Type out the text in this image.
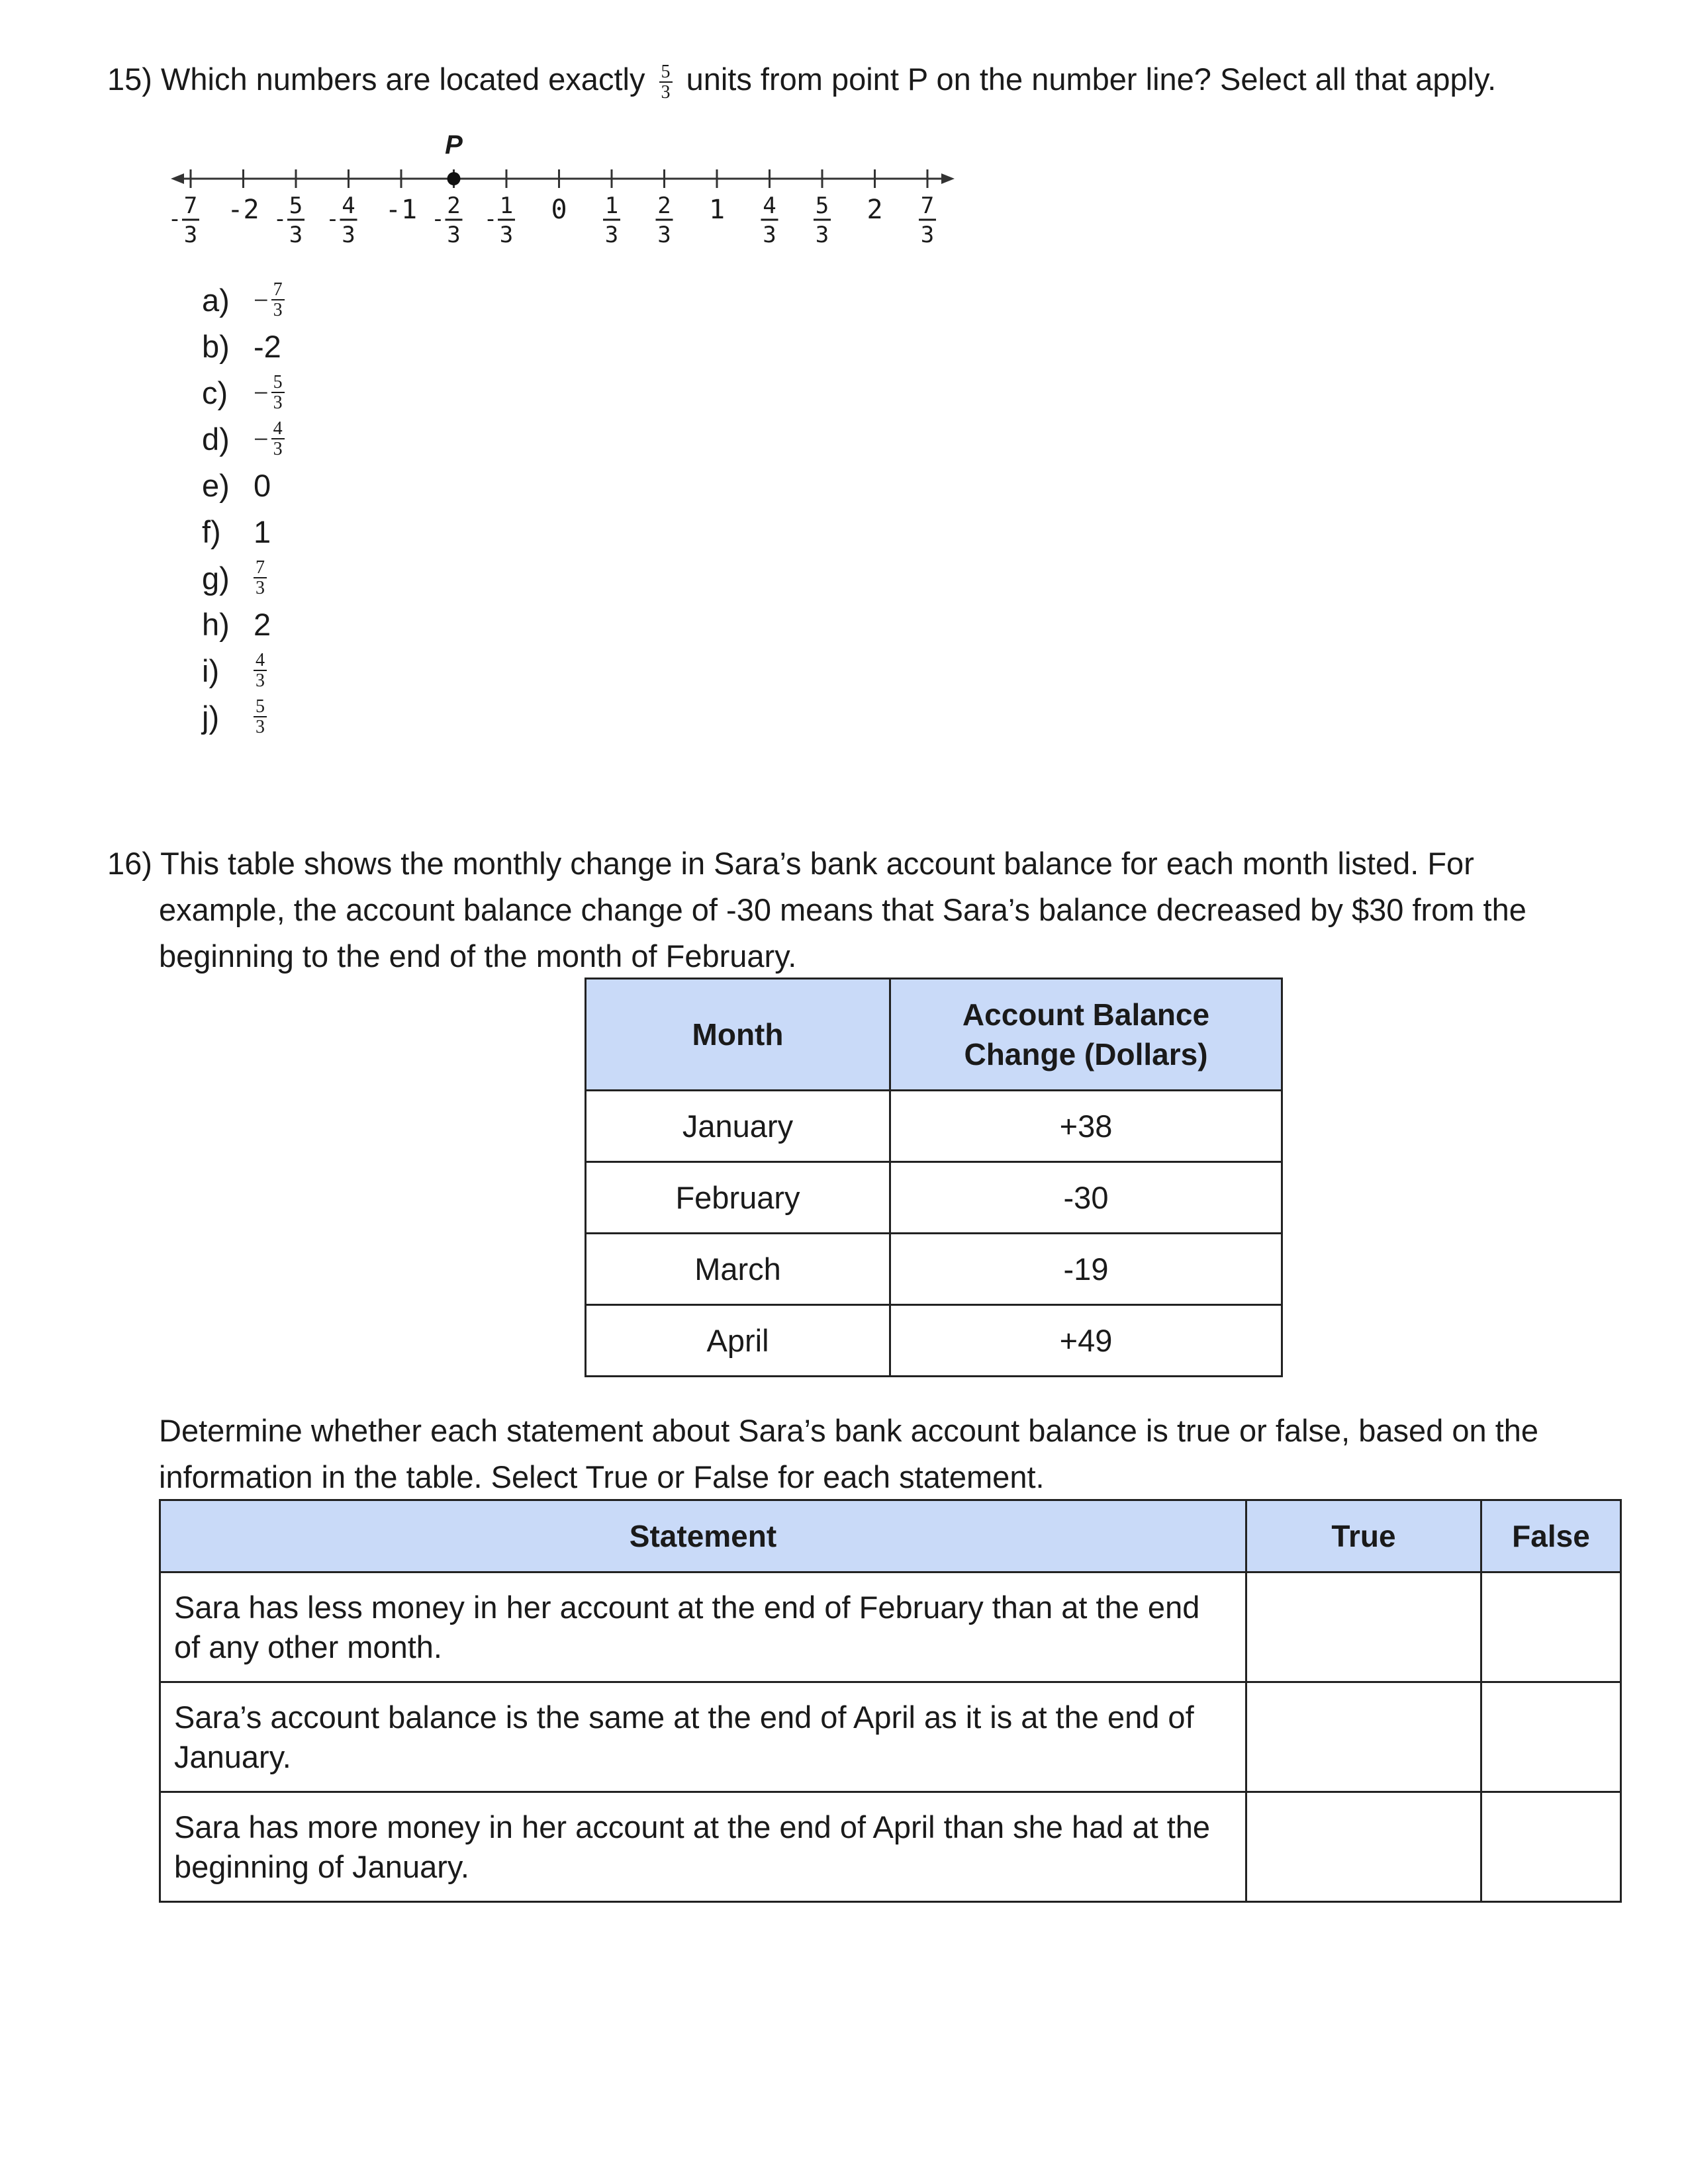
15) Which numbers are located exactly $\frac{5}{3}$ units from point P on the number line? Select all that apply.
P
- 7
3
-2 - 5
3
- 4
3
-1 - 2
3
- 1
3
0 1
3
2
3
1 4
3
5
3
2 7
3
$a) - \frac{7}{3}$
b) -2
$c) - \frac{5}{3}$
$d) - \frac{4}{3}$
e) 0
f)	1
g)	$\frac{7}{3}$
h) 2
i)	$\frac{4}{3}$
j)	$\frac{5}{3}$
16) This table shows the monthly change in Sara’s bank account balance for each month listed. For example, the account balance change of -30 means that Sara’s balance decreased by $30 from the beginning to the end of the month of February.
Month	Account Balance Change (Dollars)
January	+38
February	-30
March	-19
April	+49
Determine whether each statement about Sara’s bank account balance is true or false, based on the information in the table. Select True or False for each statement.
Statement	True	False
Sara has less money in her account at the end of February than at the end of any other month.		
Sara’s account balance is the same at the end of April as it is at the end of January.		
Sara has more money in her account at the end of April than she had at the beginning of January.		
